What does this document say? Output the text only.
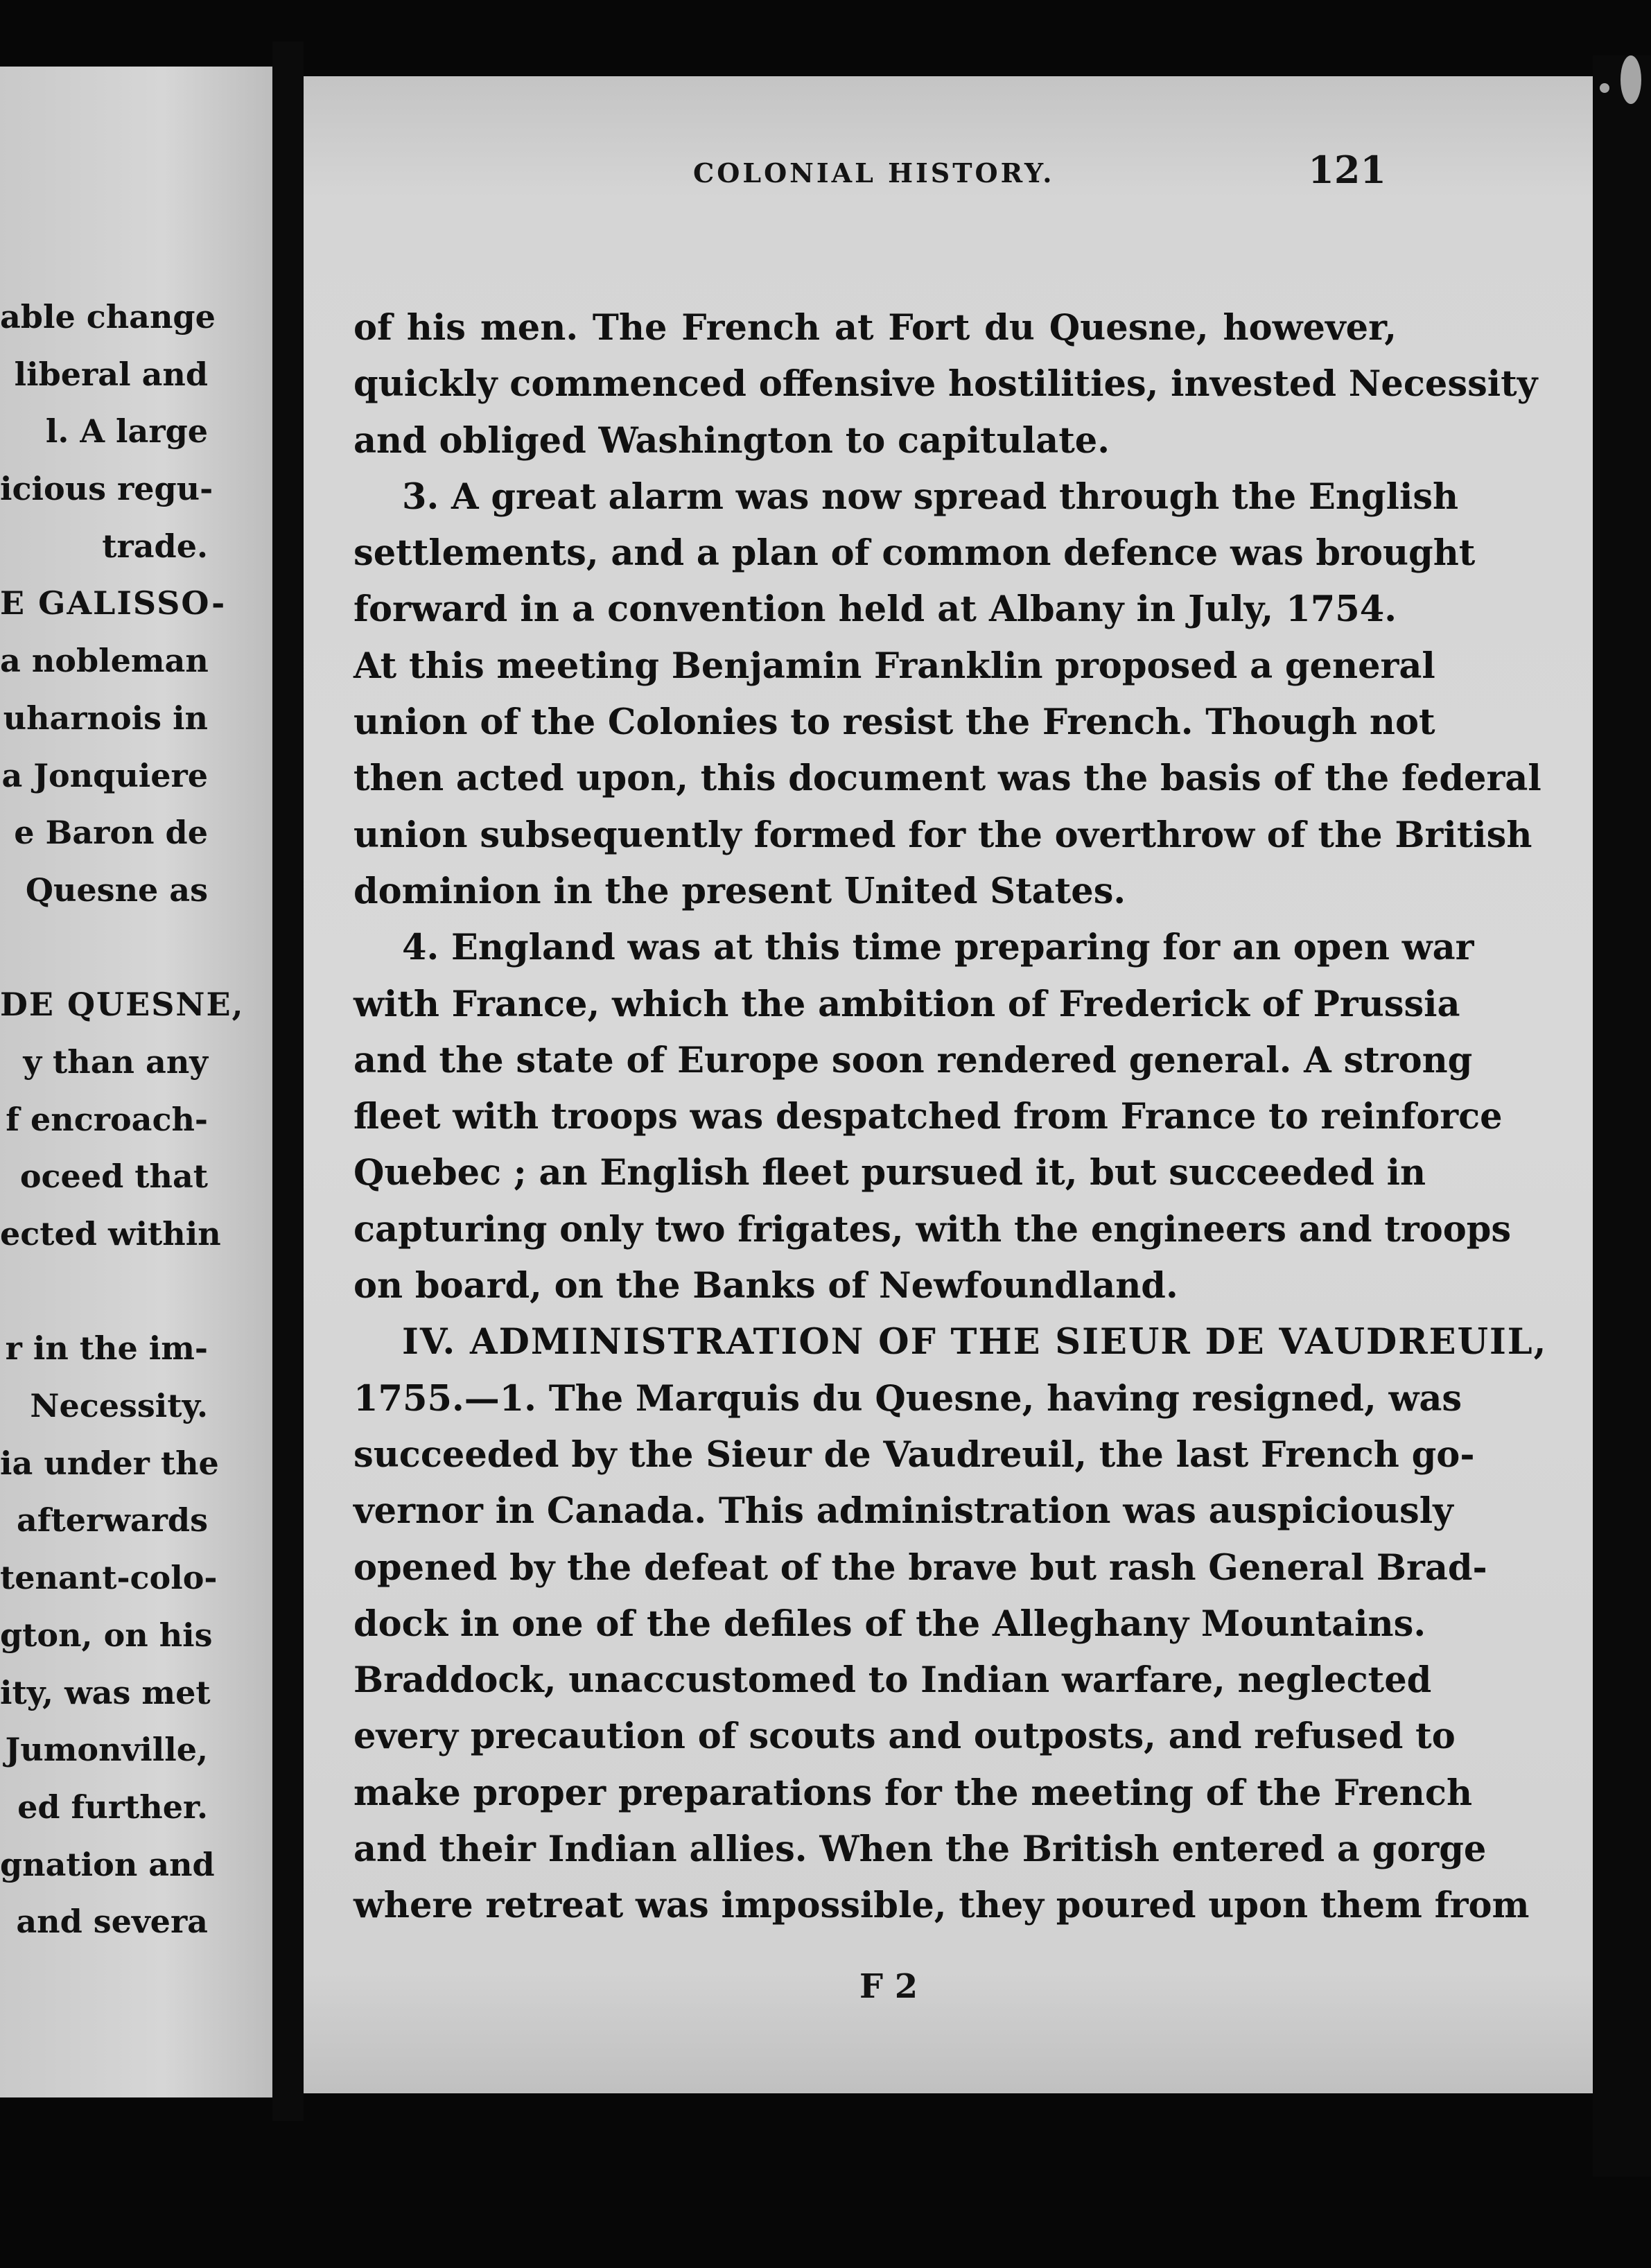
able change
liberal and
l. A large
icious regu-
trade.
E GALISSO-
a nobleman
uharnois in
a Jonquiere
e Baron de
Quesne as
DE QUESNE,
y than any
f encroach-
oceed that
ected within
r in the im-
Necessity.
ia under the
afterwards
tenant-colo-
gton, on his
ity, was met
Jumonville,
ed further.
gnation and
and severa
COLONIAL HISTORY.	121
of his men. The French at Fort du Quesne, however,
quickly commenced offensive hostilities, invested Necessity
and obliged Washington to capitulate.
3. A great alarm was now spread through the English
settlements, and a plan of common defence was brought
forward in a convention held at Albany in July, 1754.
At this meeting Benjamin Franklin proposed a general
union of the Colonies to resist the French. Though not
then acted upon, this document was the basis of the federal
union subsequently formed for the overthrow of the British
dominion in the present United States.
4. England was at this time preparing for an open war
with France, which the ambition of Frederick of Prussia
and the state of Europe soon rendered general. A strong
fleet with troops was despatched from France to reinforce
Quebec ; an English fleet pursued it, but succeeded in
capturing only two frigates, with the engineers and troops
on board, on the Banks of Newfoundland.
IV. ADMINISTRATION OF THE SIEUR DE VAUDREUIL,
1755.—1. The Marquis du Quesne, having resigned, was
succeeded by the Sieur de Vaudreuil, the last French go-
vernor in Canada. This administration was auspiciously
opened by the defeat of the brave but rash General Brad-
dock in one of the defiles of the Alleghany Mountains.
Braddock, unaccustomed to Indian warfare, neglected
every precaution of scouts and outposts, and refused to
make proper preparations for the meeting of the French
and their Indian allies. When the British entered a gorge
where retreat was impossible, they poured upon them from
F 2
